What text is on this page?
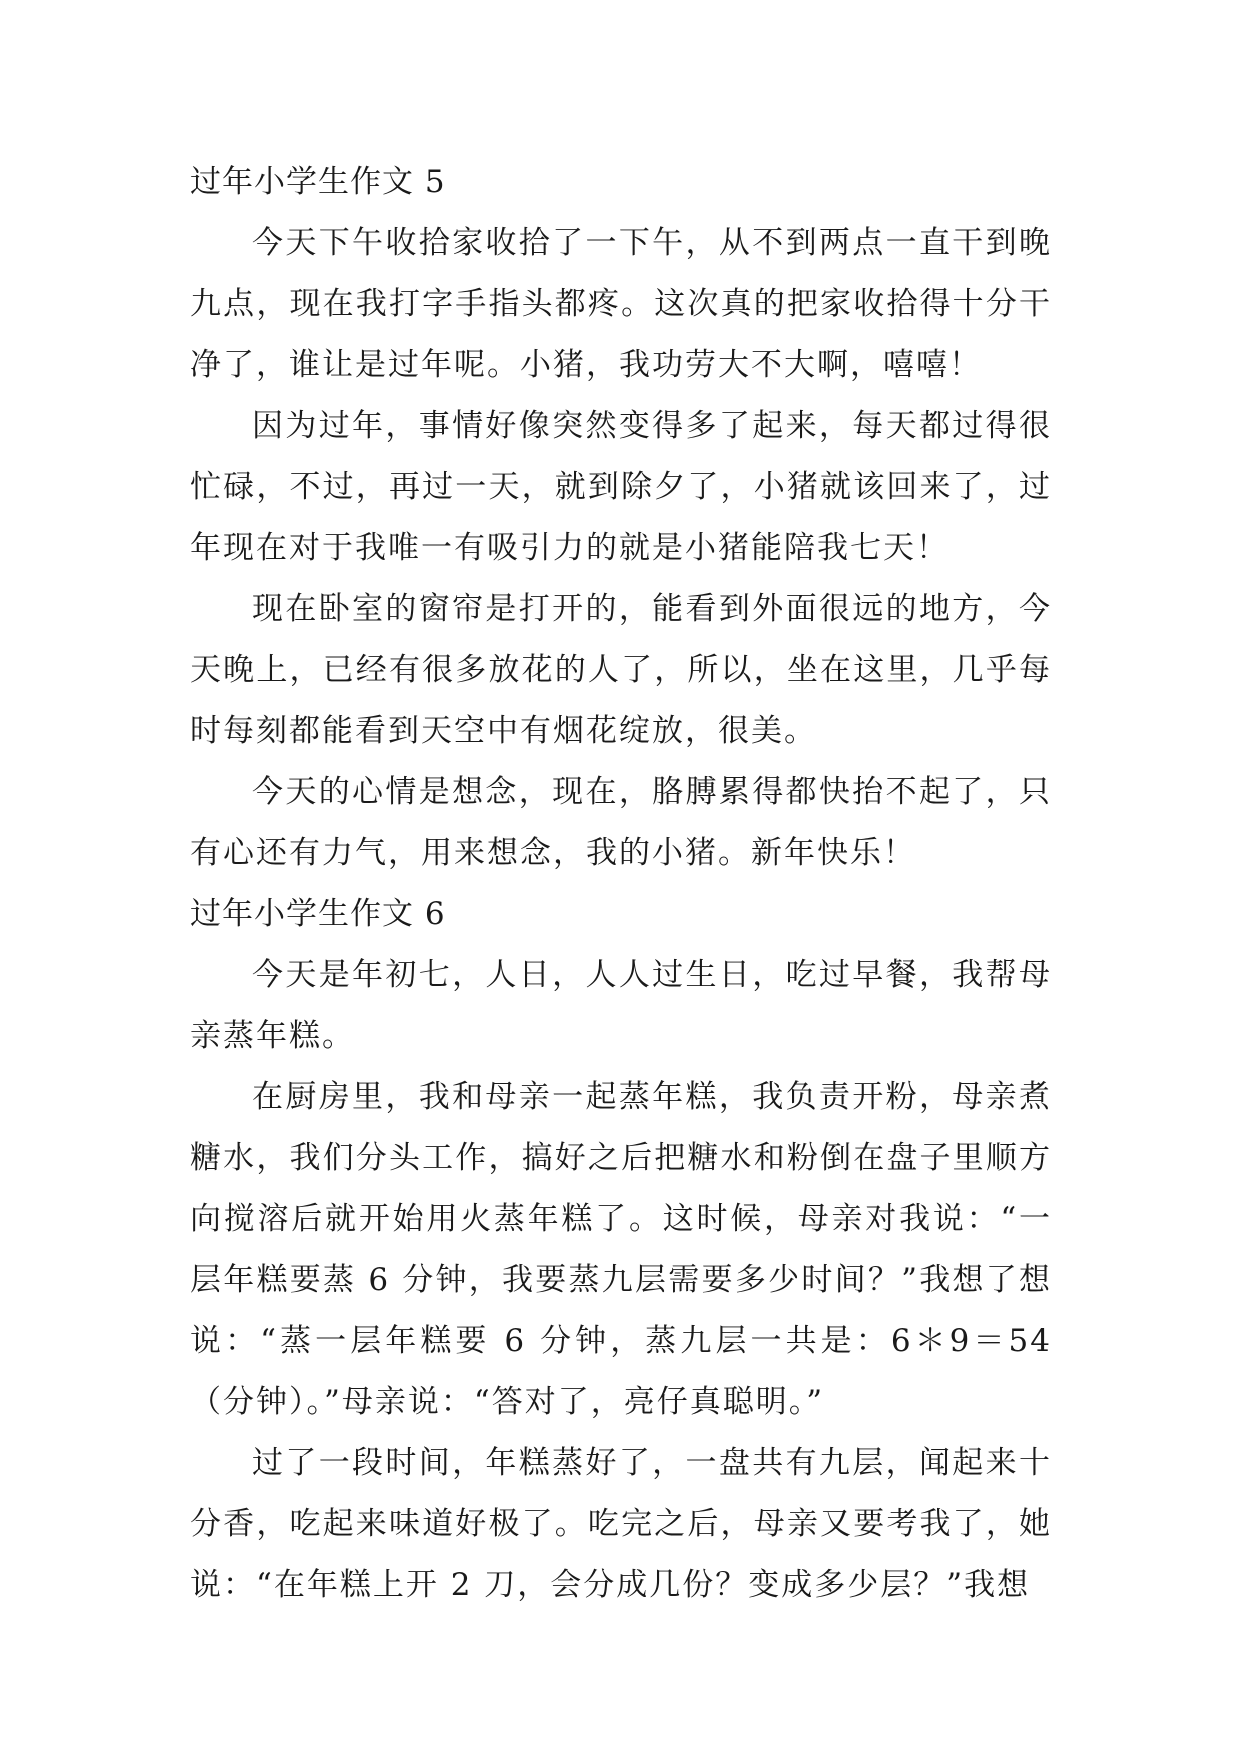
过年小学生作文 5

今天下午收拾家收拾了一下午，从不到两点一直干到晚九点，现在我打字手指头都疼。这次真的把家收拾得十分干净了，谁让是过年呢。小猪，我功劳大不大啊，嘻嘻！

因为过年，事情好像突然变得多了起来，每天都过得很忙碌，不过，再过一天，就到除夕了，小猪就该回来了，过年现在对于我唯一有吸引力的就是小猪能陪我七天！

现在卧室的窗帘是打开的，能看到外面很远的地方，今天晚上，已经有很多放花的人了，所以，坐在这里，几乎每时每刻都能看到天空中有烟花绽放，很美。

今天的心情是想念，现在，胳膊累得都快抬不起了，只有心还有力气，用来想念，我的小猪。新年快乐！

过年小学生作文 6

今天是年初七，人日，人人过生日，吃过早餐，我帮母亲蒸年糕。

在厨房里，我和母亲一起蒸年糕，我负责开粉，母亲煮糖水，我们分头工作，搞好之后把糖水和粉倒在盘子里顺方向搅溶后就开始用火蒸年糕了。这时候，母亲对我说：“一层年糕要蒸 6 分钟，我要蒸九层需要多少时间？”我想了想说：“蒸一层年糕要 6 分钟，蒸九层一共是：6＊9＝54（分钟）。”母亲说：“答对了，亮仔真聪明。”

过了一段时间，年糕蒸好了，一盘共有九层，闻起来十分香，吃起来味道好极了。吃完之后，母亲又要考我了，她说：“在年糕上开 2 刀，会分成几份？变成多少层？”我想
